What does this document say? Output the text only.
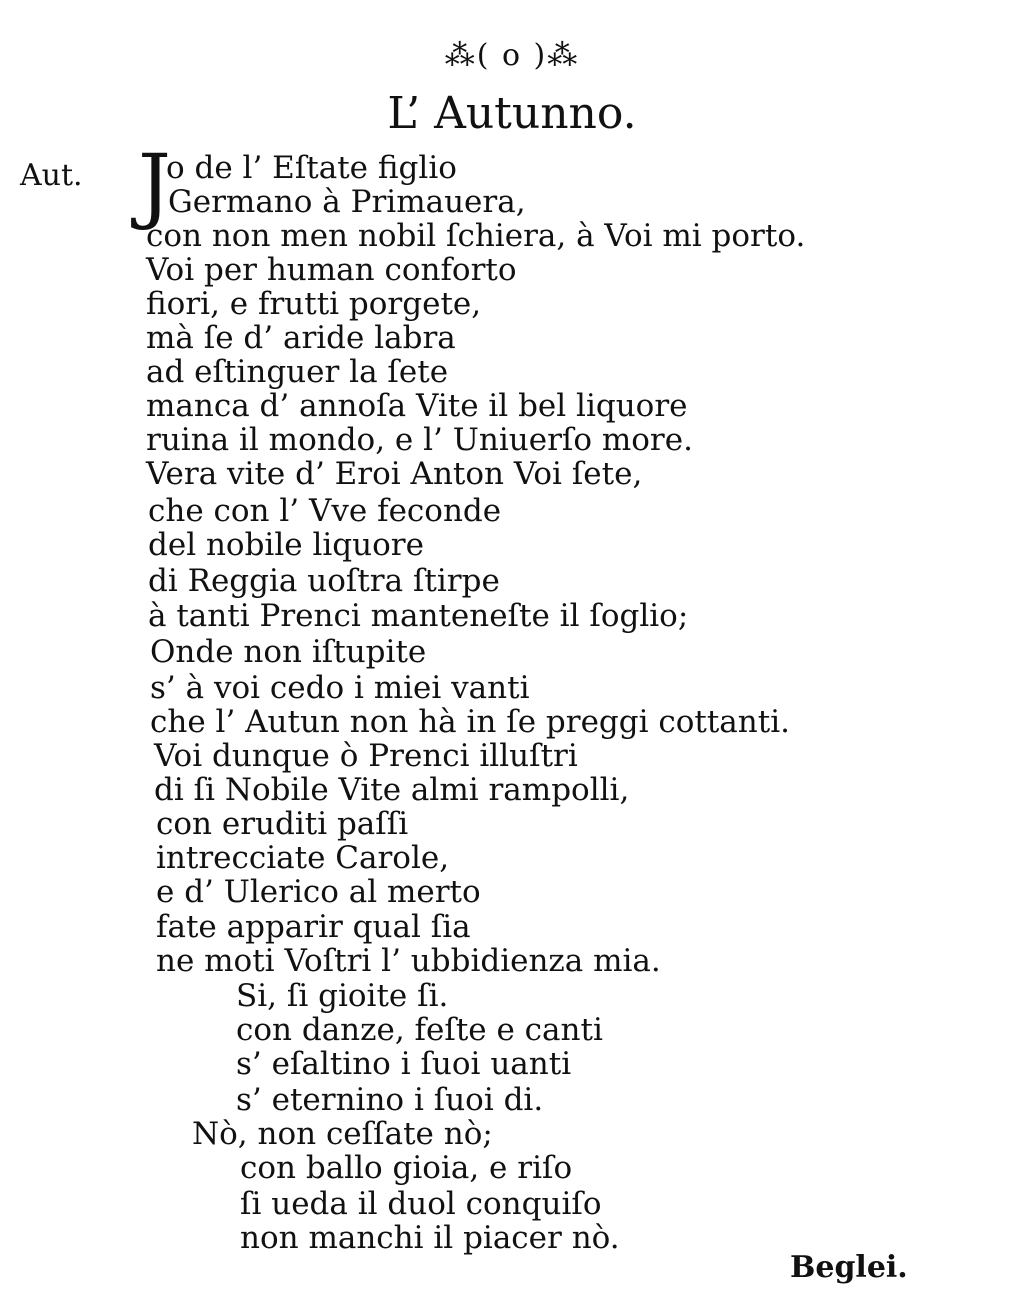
⁂( o )⁂
L’ Autunno.
Aut. J
o de l’ Eſtate figlio
Germano à Primauera,
con non men nobil ſchiera, à Voi mi porto.
Voi per human conforto
fiori, e frutti porgete,
mà ſe d’ aride labra
ad eſtinguer la ſete
manca d’ annoſa Vite il bel liquore
ruina il mondo, e l’ Uniuerſo more.
Vera vite d’ Eroi Anton Voi ſete,
che con l’ Vve feconde
del nobile liquore
di Reggia uoſtra ſtirpe
à tanti Prenci manteneſte il ſoglio;
Onde non iſtupite
s’ à voi cedo i miei vanti
che l’ Autun non hà in ſe preggi cottanti.
Voi dunque ò Prenci illuſtri
di ſi Nobile Vite almi rampolli,
con eruditi paſſi
intrecciate Carole,
e d’ Ulerico al merto
fate apparir qual ſia
ne moti Voſtri l’ ubbidienza mia.
Si, ſi gioite ſi.
con danze, feſte e canti
s’ eſaltino i ſuoi uanti
s’ eternino i ſuoi di.
Nò, non ceſſate nò;
con ballo gioia, e riſo
ſi ueda il duol conquiſo
non manchi il piacer nò.
Beglei.
